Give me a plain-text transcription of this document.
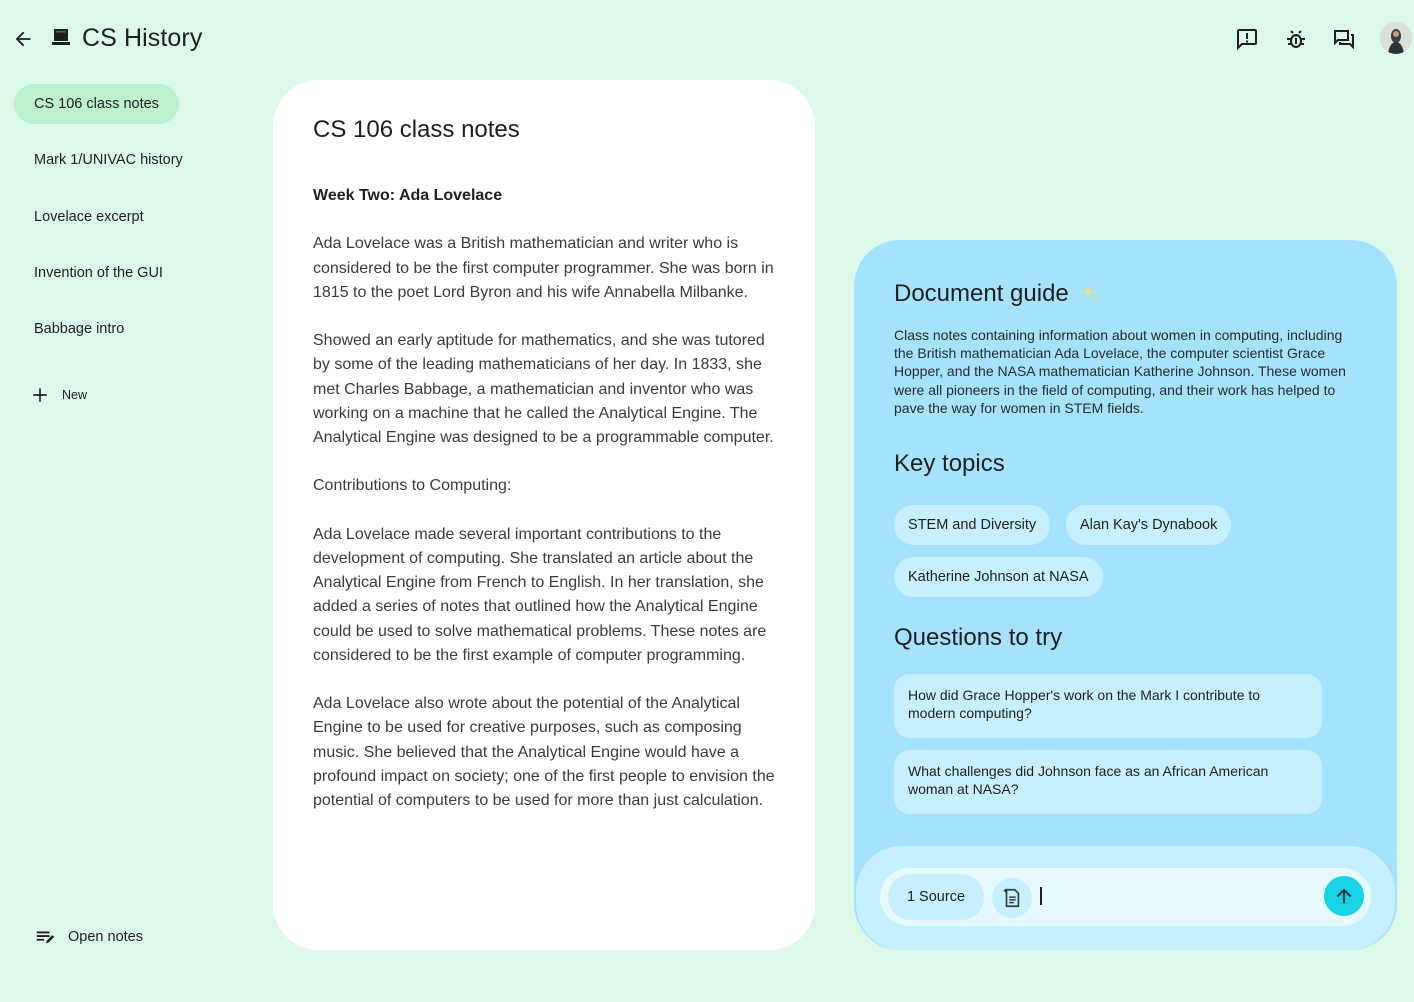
CS History
CS 106 class notes
Mark 1/UNIVAC history
Lovelace excerpt
Invention of the GUI
Babbage intro
New
Open notes
CS 106 class notes

Week Two: Ada Lovelace

Ada Lovelace was a British mathematician and writer who is considered to be the first computer programmer. She was born in 1815 to the poet Lord Byron and his wife Annabella Milbanke.

Showed an early aptitude for mathematics, and she was tutored by some of the leading mathematicians of her day. In 1833, she met Charles Babbage, a mathematician and inventor who was working on a machine that he called the Analytical Engine. The Analytical Engine was designed to be a programmable computer.

Contributions to Computing:

Ada Lovelace made several important contributions to the development of computing. She translated an article about the Analytical Engine from French to English. In her translation, she added a series of notes that outlined how the Analytical Engine could be used to solve mathematical problems. These notes are considered to be the first example of computer programming.

Ada Lovelace also wrote about the potential of the Analytical Engine to be used for creative purposes, such as composing music. She believed that the Analytical Engine would have a profound impact on society; one of the first people to envision the potential of computers to be used for more than just calculation.

Document guide
Class notes containing information about women in computing, including the British mathematician Ada Lovelace, the computer scientist Grace Hopper, and the NASA mathematician Katherine Johnson. These women were all pioneers in the field of computing, and their work has helped to pave the way for women in STEM fields.
Key topics
STEM and Diversity	Alan Kay's Dynabook
Katherine Johnson at NASA
Questions to try
How did Grace Hopper's work on the Mark I contribute to modern computing?
What challenges did Johnson face as an African American woman at NASA?
1 Source
